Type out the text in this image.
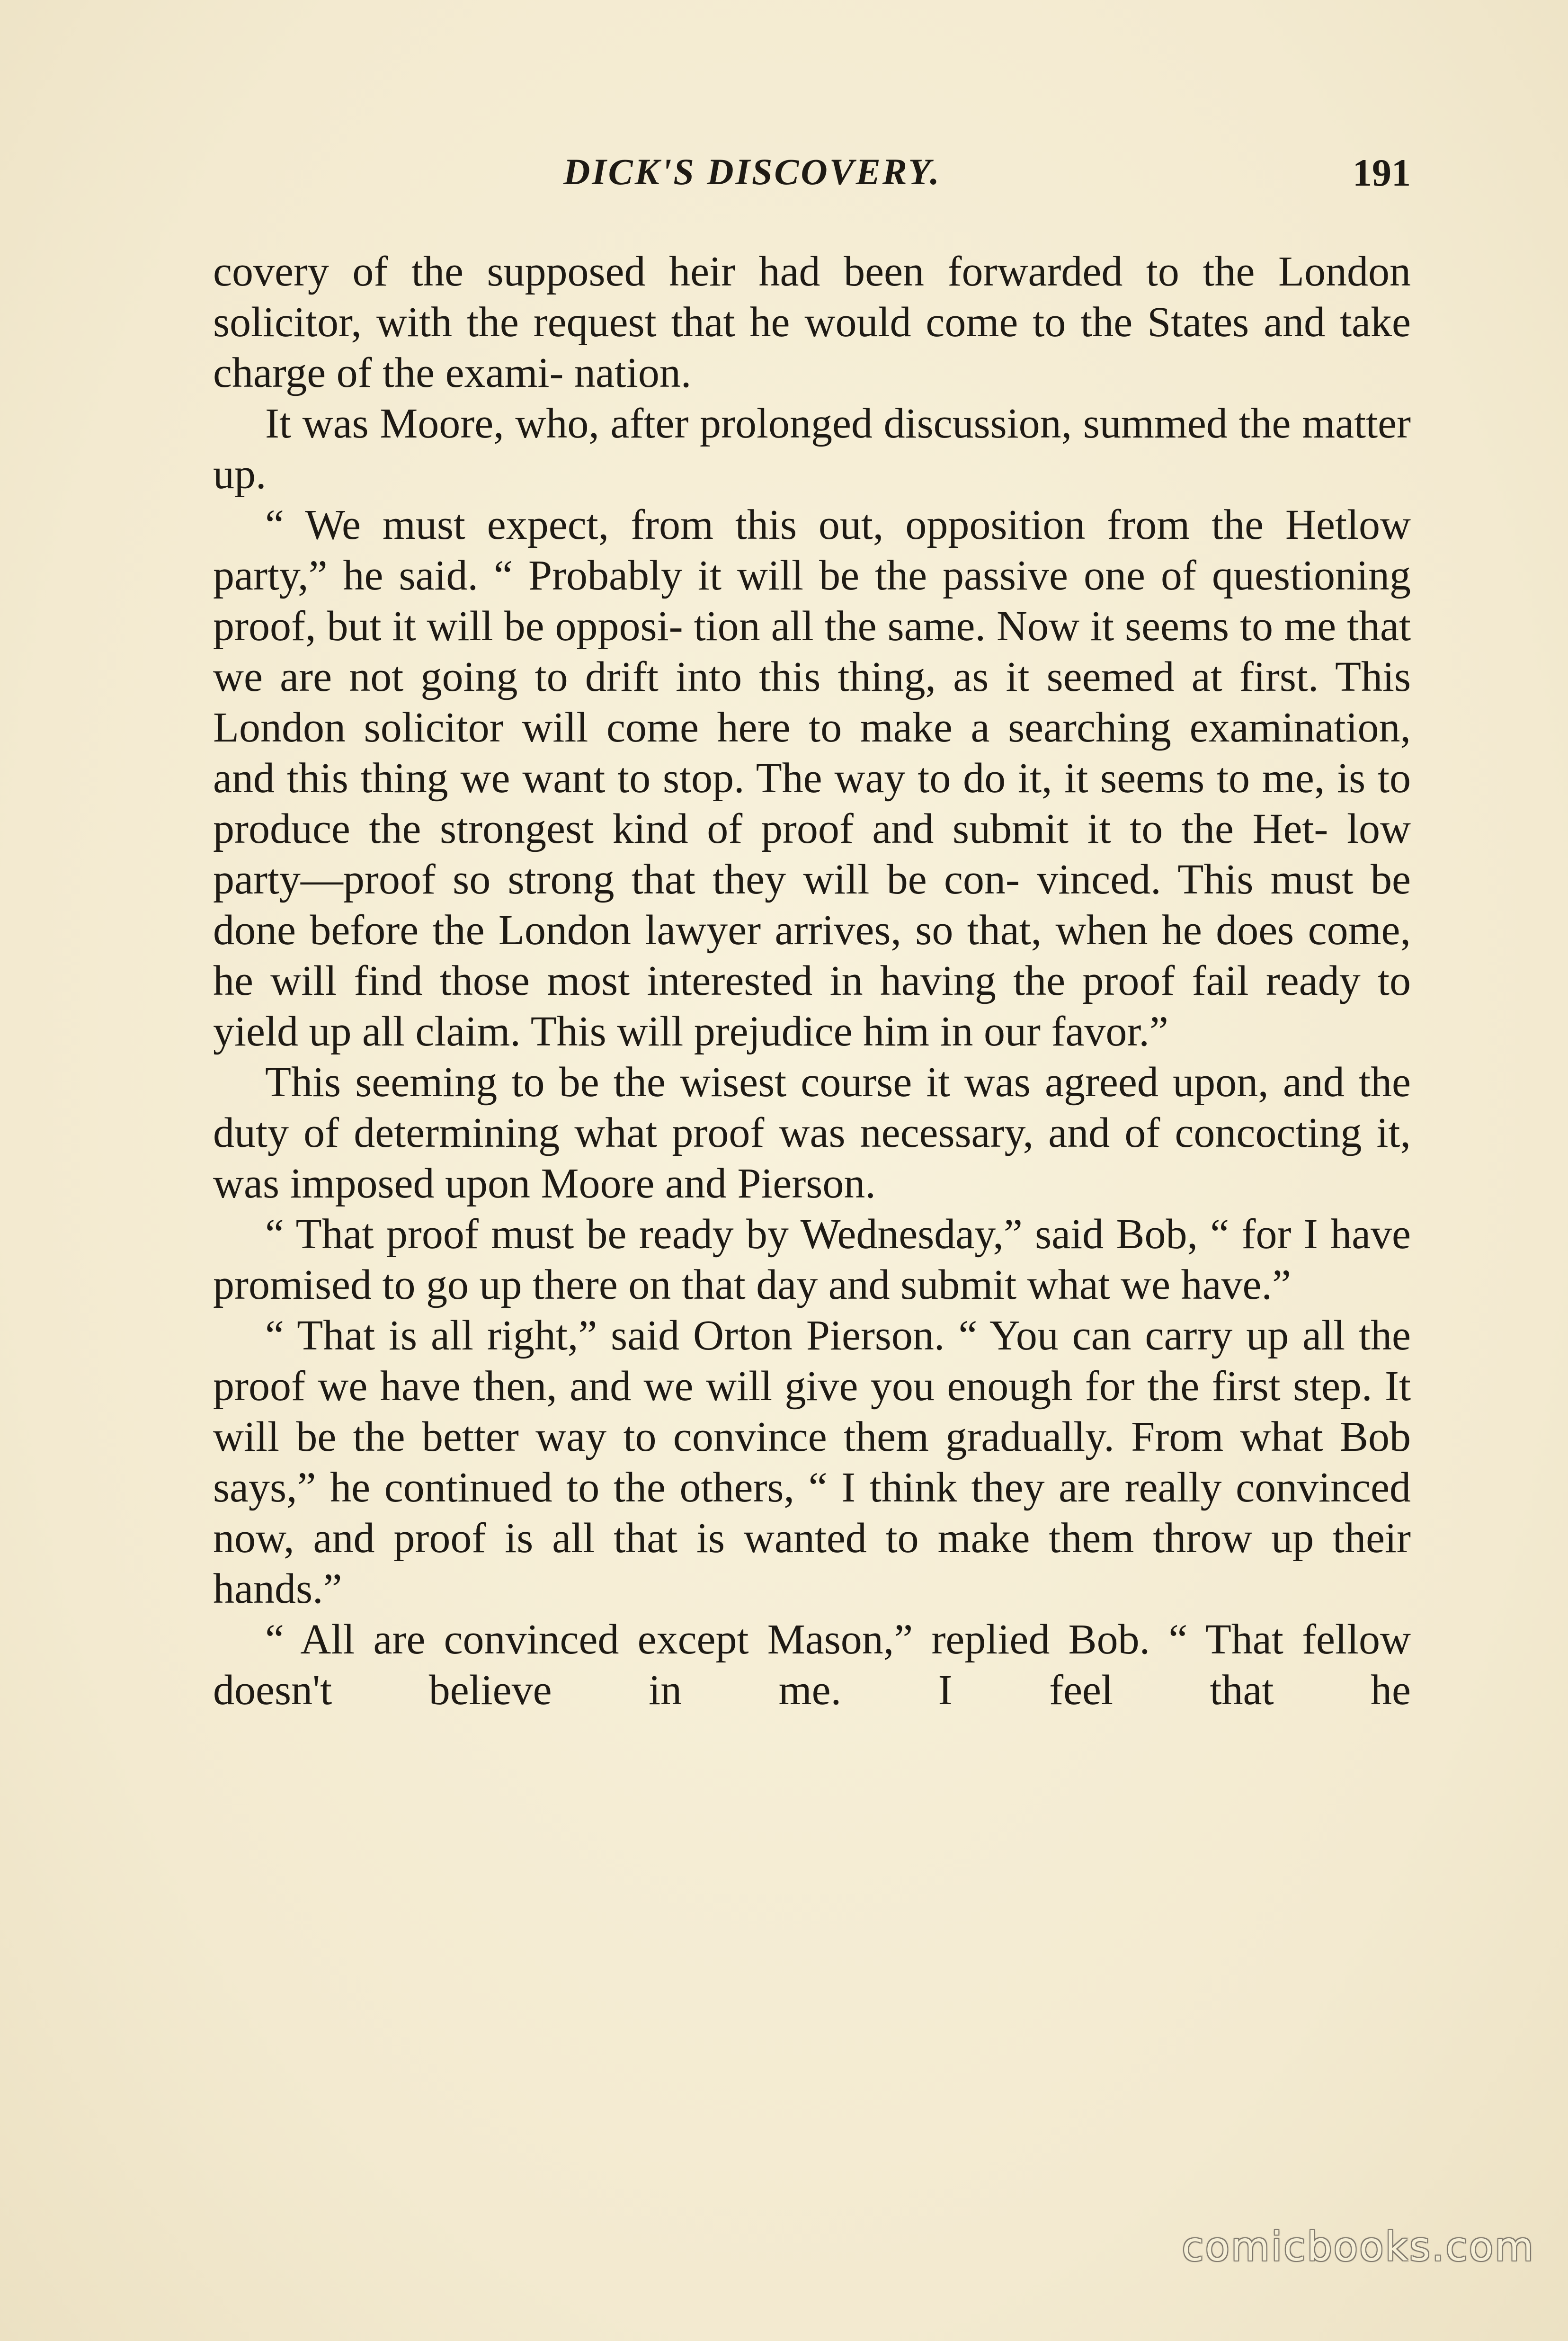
DICK'S DISCOVERY.	191

covery of the supposed heir had been forwarded to the London solicitor, with the request that he would come to the States and take charge of the exami- nation.

It was Moore, who, after prolonged discussion, summed the matter up.

“ We must expect, from this out, opposition from the Hetlow party,” he said. “ Probably it will be the passive one of questioning proof, but it will be opposi- tion all the same. Now it seems to me that we are not going to drift into this thing, as it seemed at first. This London solicitor will come here to make a searching examination, and this thing we want to stop. The way to do it, it seems to me, is to produce the strongest kind of proof and submit it to the Het- low party—proof so strong that they will be con- vinced. This must be done before the London lawyer arrives, so that, when he does come, he will find those most interested in having the proof fail ready to yield up all claim. This will prejudice him in our favor.”

This seeming to be the wisest course it was agreed upon, and the duty of determining what proof was necessary, and of concocting it, was imposed upon Moore and Pierson.

“ That proof must be ready by Wednesday,” said Bob, “ for I have promised to go up there on that day and submit what we have.”

“ That is all right,” said Orton Pierson. “ You can carry up all the proof we have then, and we will give you enough for the first step. It will be the better way to convince them gradually. From what Bob says,” he continued to the others, “ I think they are really convinced now, and proof is all that is wanted to make them throw up their hands.”

“ All are convinced except Mason,” replied Bob. “ That fellow doesn't believe in me. I feel that he

comicbooks.com
